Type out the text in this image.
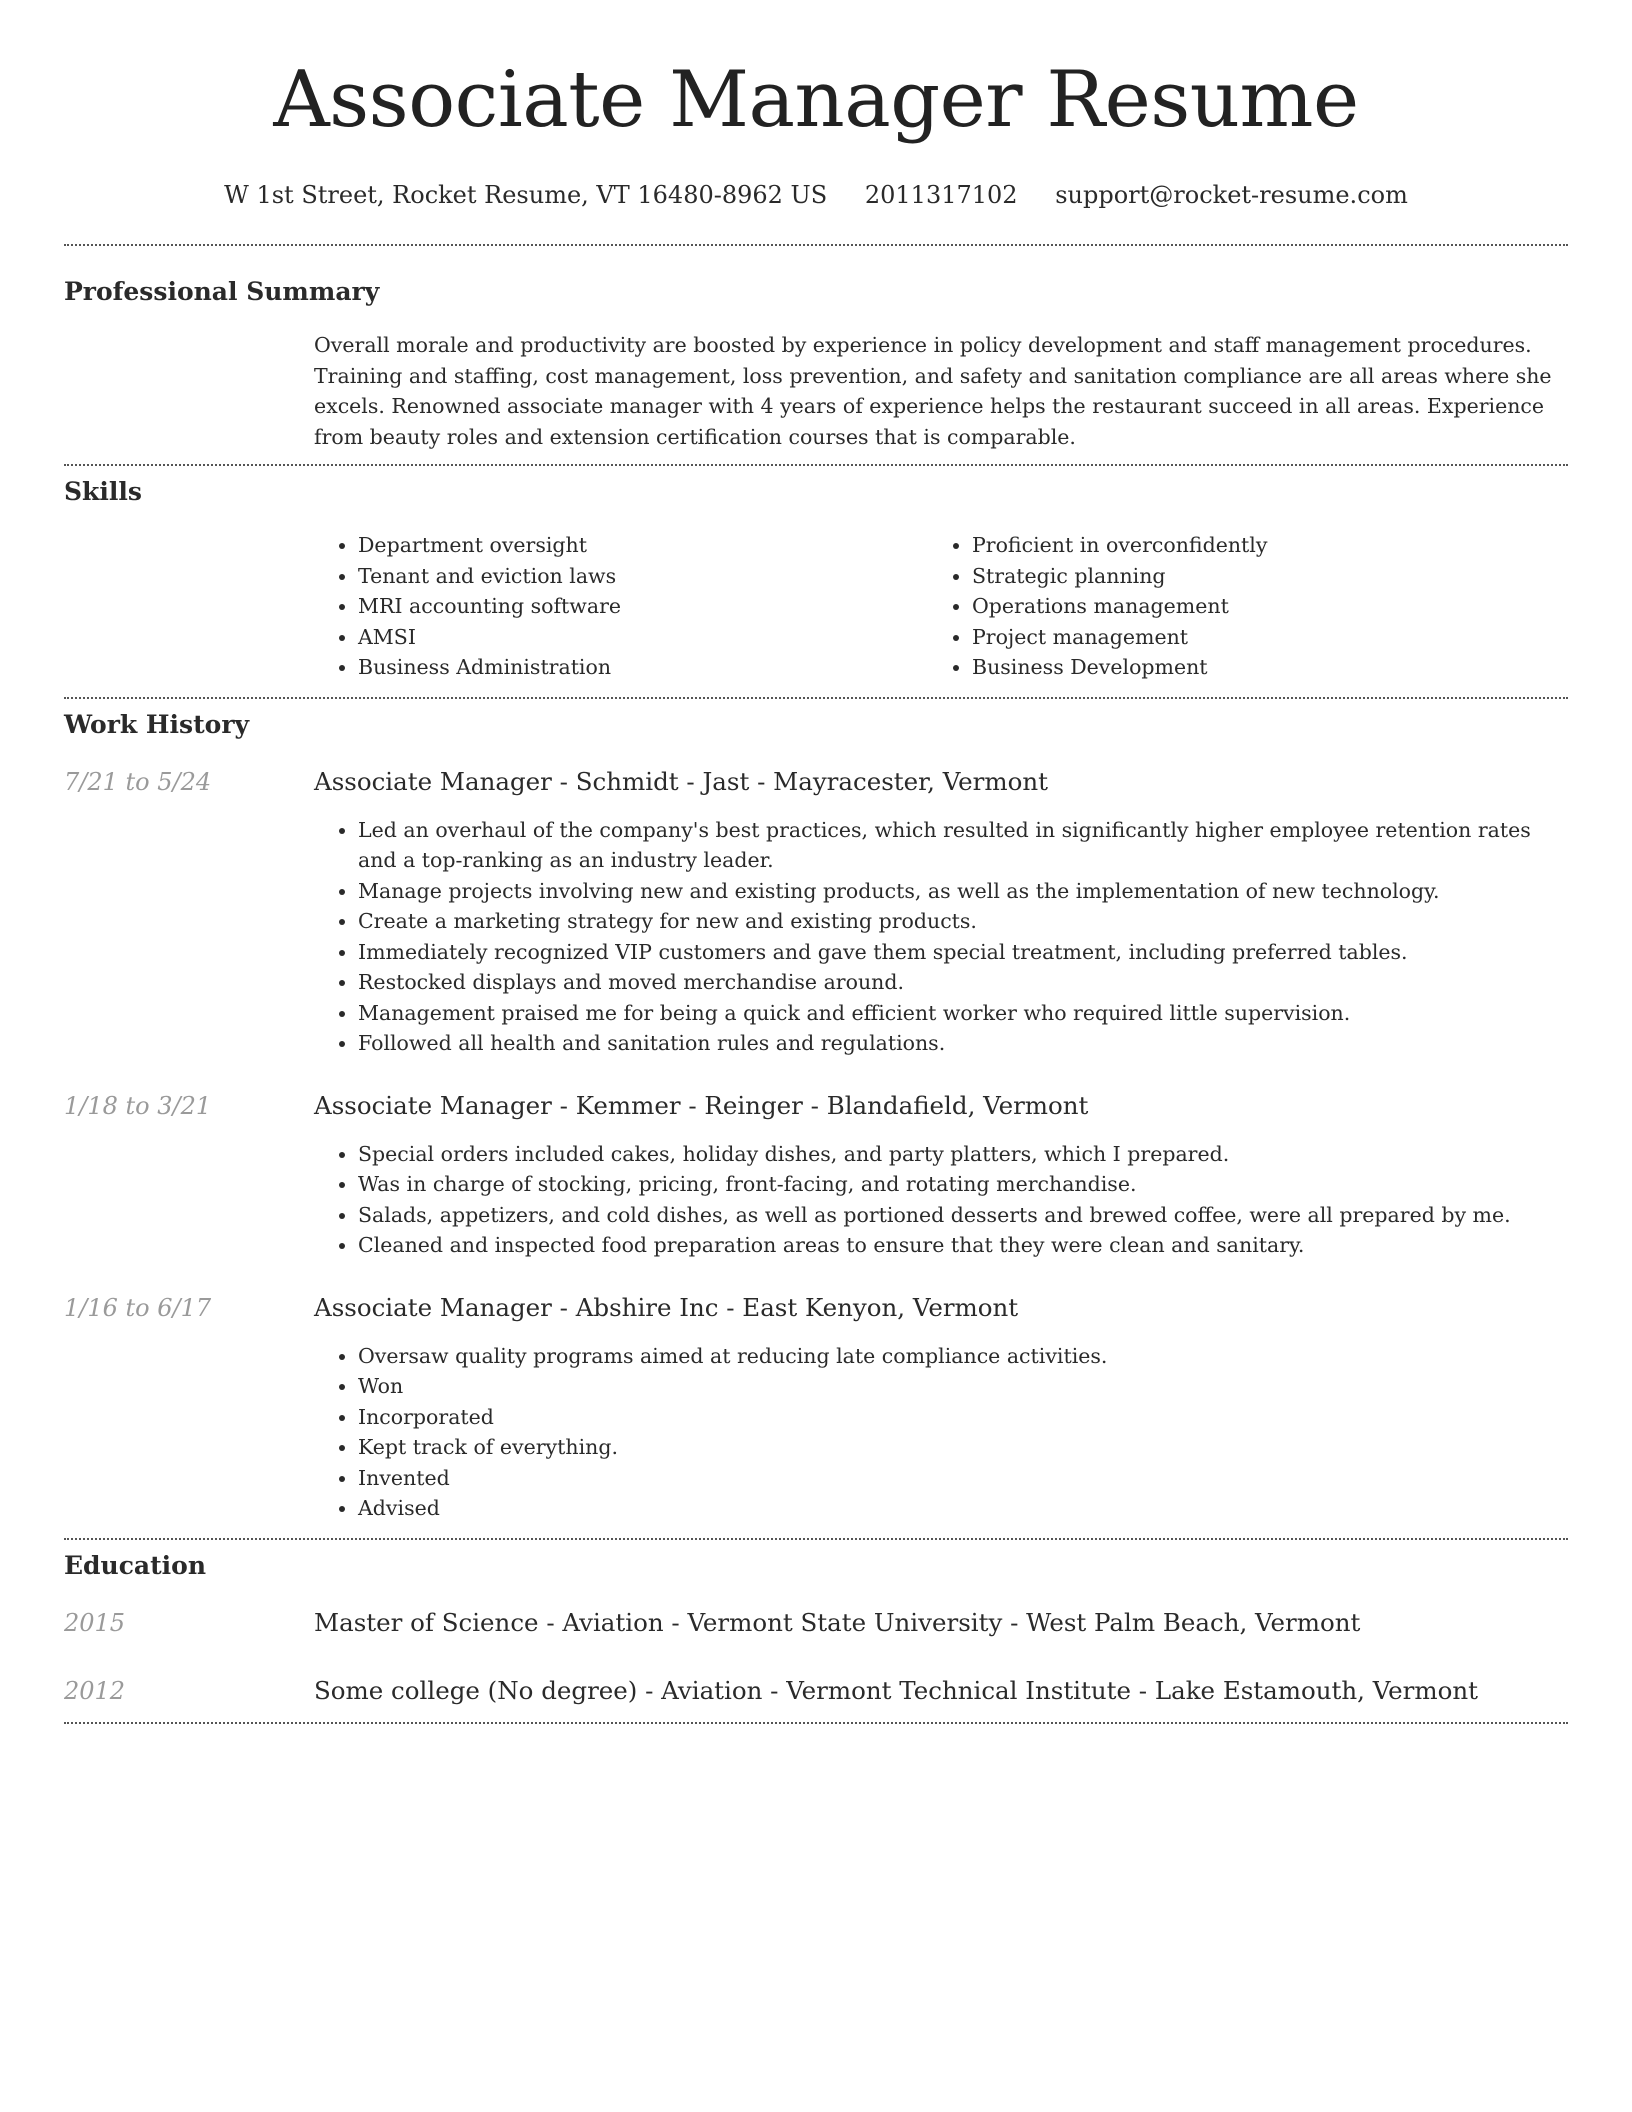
Associate Manager Resume
W 1st Street, Rocket Resume, VT 16480-8962 US 2011317102 support@rocket-resume.com
Professional Summary

Overall morale and productivity are boosted by experience in policy development and staff management procedures. Training and staffing, cost management, loss prevention, and safety and sanitation compliance are all areas where she excels. Renowned associate manager with 4 years of experience helps the restaurant succeed in all areas. Experience from beauty roles and extension certification courses that is comparable.

Skills
• Department oversight
• Tenant and eviction laws
• MRI accounting software
• AMSI
• Business Administration
• Proficient in overconfidently
• Strategic planning
• Operations management
• Project management
• Business Development
Work History
7/21 to 5/24	Associate Manager - Schmidt - Jast - Mayracester, Vermont
• Led an overhaul of the company's best practices, which resulted in significantly higher employee retention rates and a top-ranking as an industry leader.
• Manage projects involving new and existing products, as well as the implementation of new technology.
• Create a marketing strategy for new and existing products.
• Immediately recognized VIP customers and gave them special treatment, including preferred tables.
• Restocked displays and moved merchandise around.
• Management praised me for being a quick and efficient worker who required little supervision.
• Followed all health and sanitation rules and regulations.
1/18 to 3/21	Associate Manager - Kemmer - Reinger - Blandafield, Vermont
• Special orders included cakes, holiday dishes, and party platters, which I prepared.
• Was in charge of stocking, pricing, front-facing, and rotating merchandise.
• Salads, appetizers, and cold dishes, as well as portioned desserts and brewed coffee, were all prepared by me.
• Cleaned and inspected food preparation areas to ensure that they were clean and sanitary.
1/16 to 6/17	Associate Manager - Abshire Inc - East Kenyon, Vermont
• Oversaw quality programs aimed at reducing late compliance activities.
• Won
• Incorporated
• Kept track of everything.
• Invented
• Advised
Education
2015	Master of Science - Aviation - Vermont State University - West Palm Beach, Vermont
2012	Some college (No degree) - Aviation - Vermont Technical Institute - Lake Estamouth, Vermont
